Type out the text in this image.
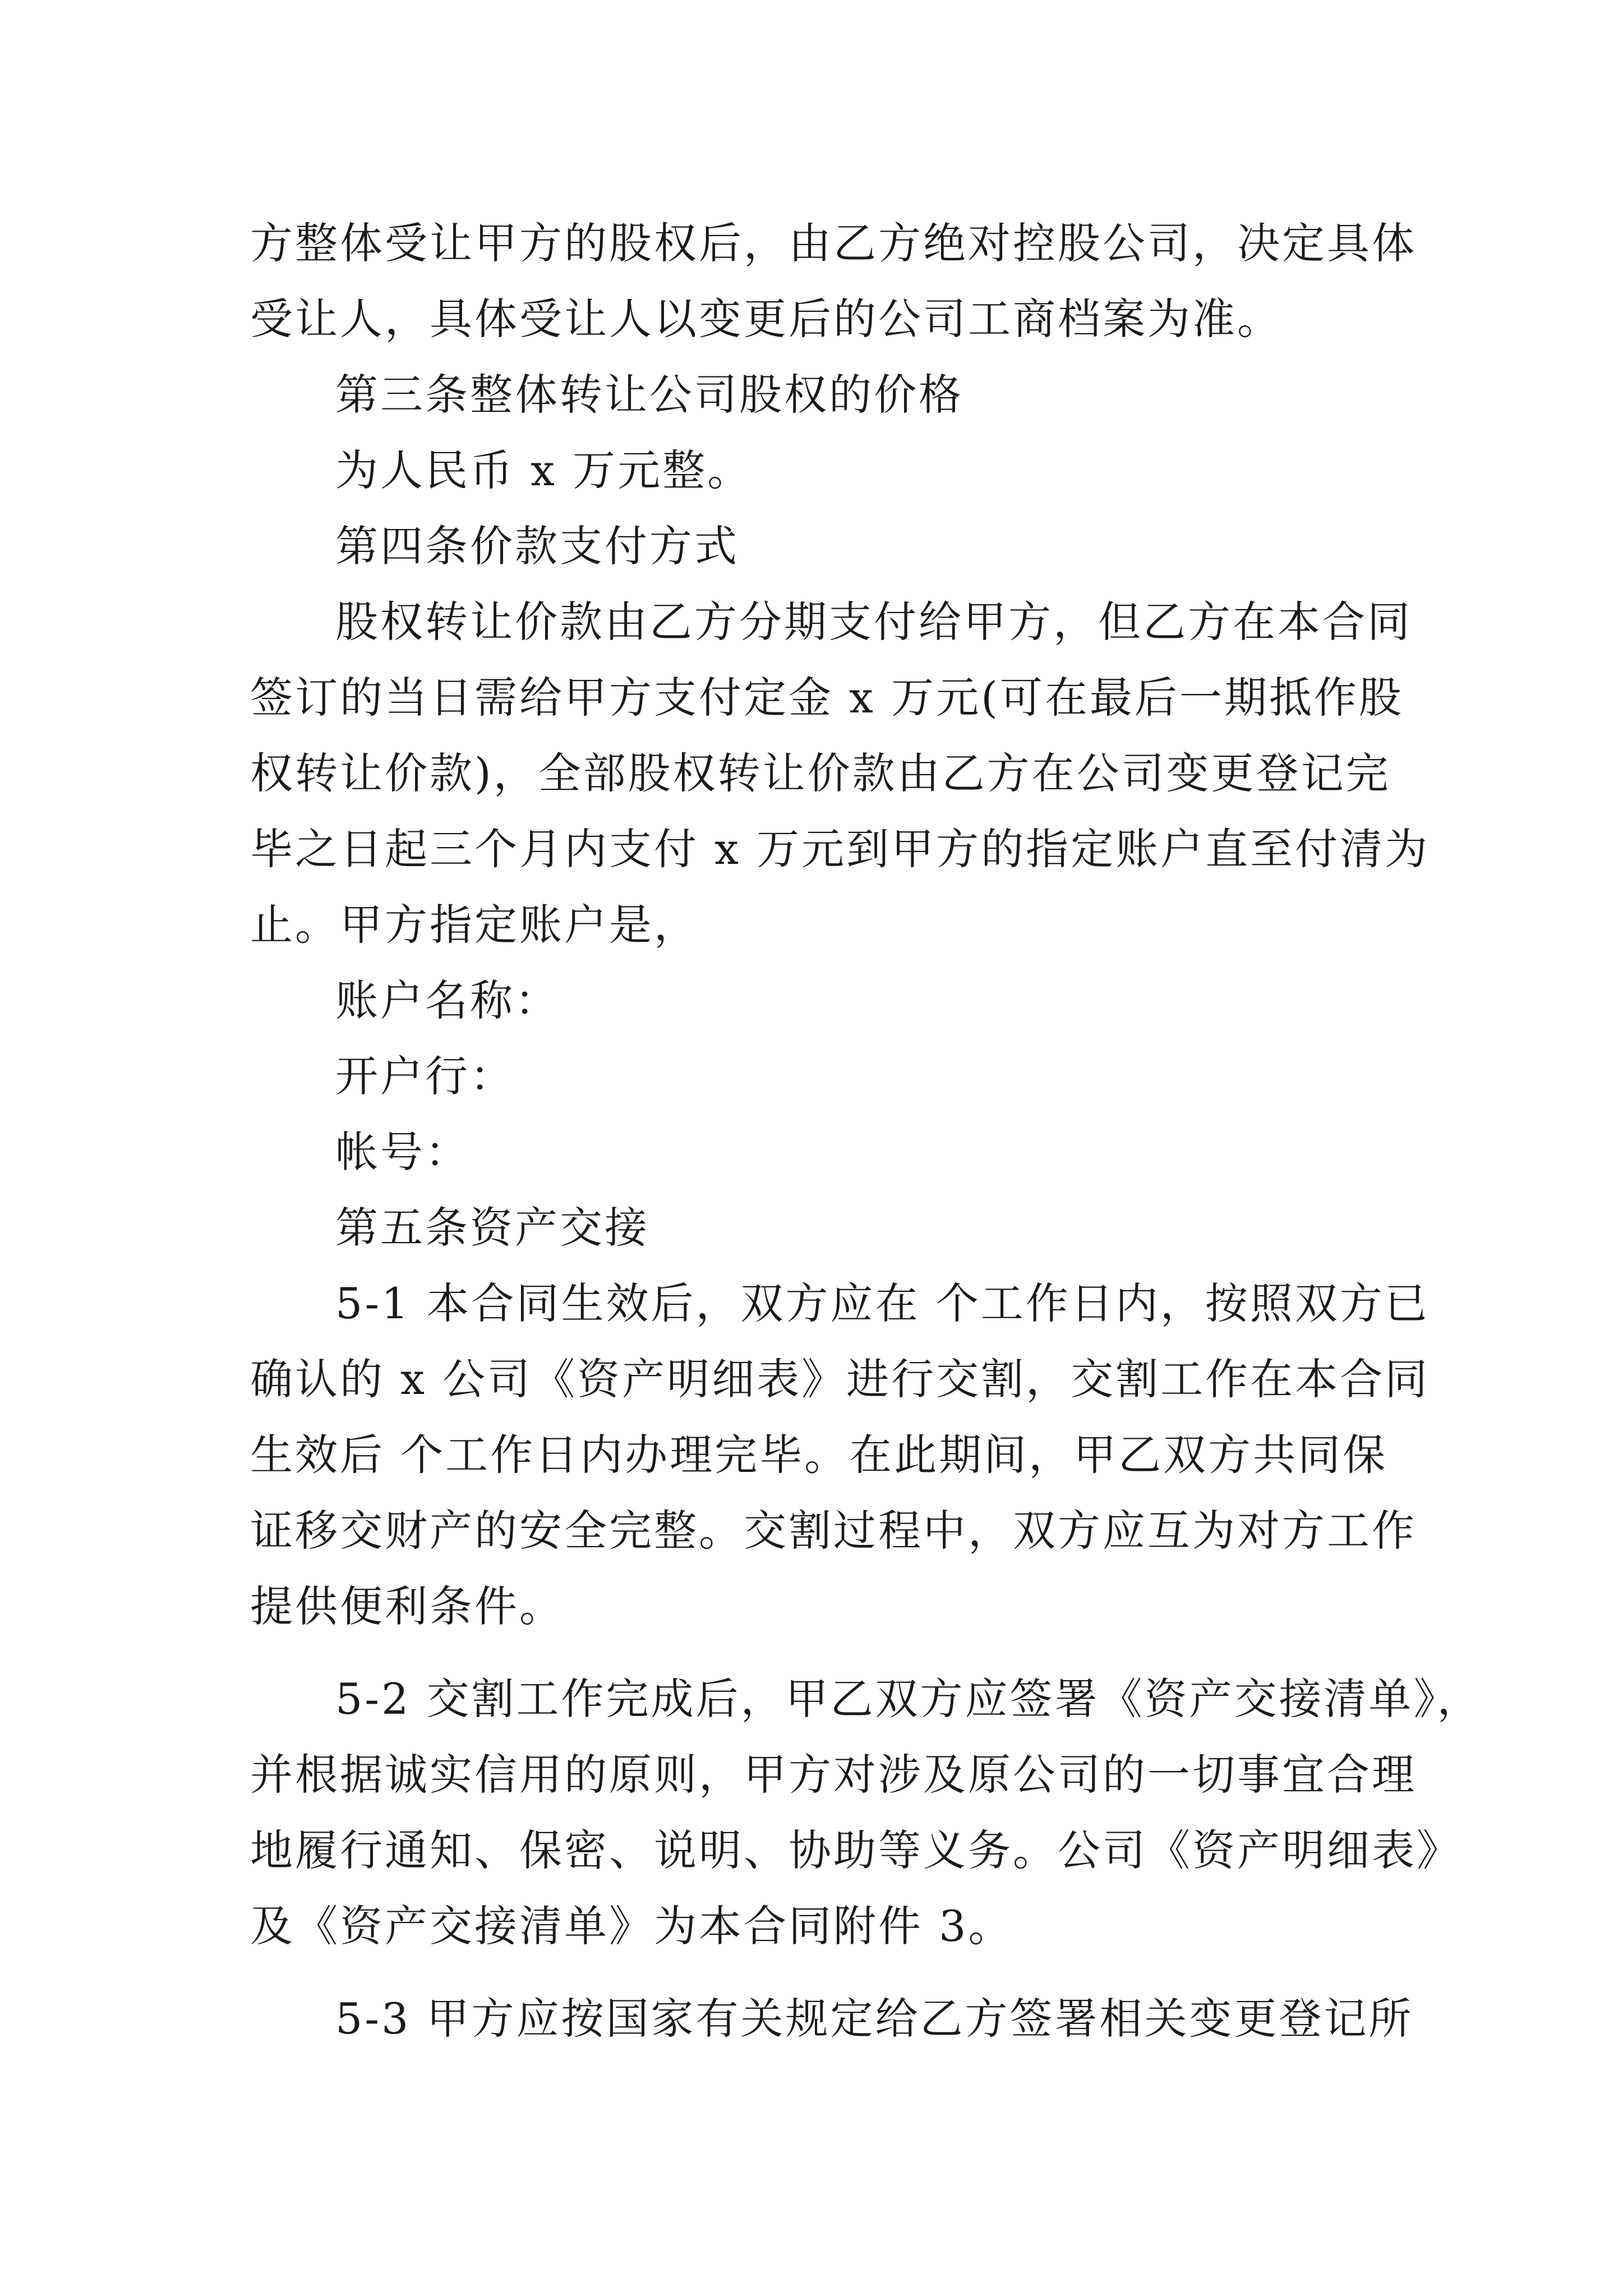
方整体受让甲方的股权后，由乙方绝对控股公司，决定具体
受让人，具体受让人以变更后的公司工商档案为准。
第三条整体转让公司股权的价格
为人民币 x 万元整。
第四条价款支付方式
股权转让价款由乙方分期支付给甲方，但乙方在本合同
签订的当日需给甲方支付定金 x 万元(可在最后一期抵作股
权转让价款)，全部股权转让价款由乙方在公司变更登记完
毕之日起三个月内支付 x 万元到甲方的指定账户直至付清为
止。甲方指定账户是，
账户名称：
开户行：
帐号：
第五条资产交接
5-1 本合同生效后，双方应在 个工作日内，按照双方已
确认的 x 公司《资产明细表》进行交割，交割工作在本合同
生效后 个工作日内办理完毕。在此期间，甲乙双方共同保
证移交财产的安全完整。交割过程中，双方应互为对方工作
提供便利条件。
5-2 交割工作完成后，甲乙双方应签署《资产交接清单》，
并根据诚实信用的原则，甲方对涉及原公司的一切事宜合理
地履行通知、保密、说明、协助等义务。公司《资产明细表》
及《资产交接清单》为本合同附件 3。
5-3 甲方应按国家有关规定给乙方签署相关变更登记所
